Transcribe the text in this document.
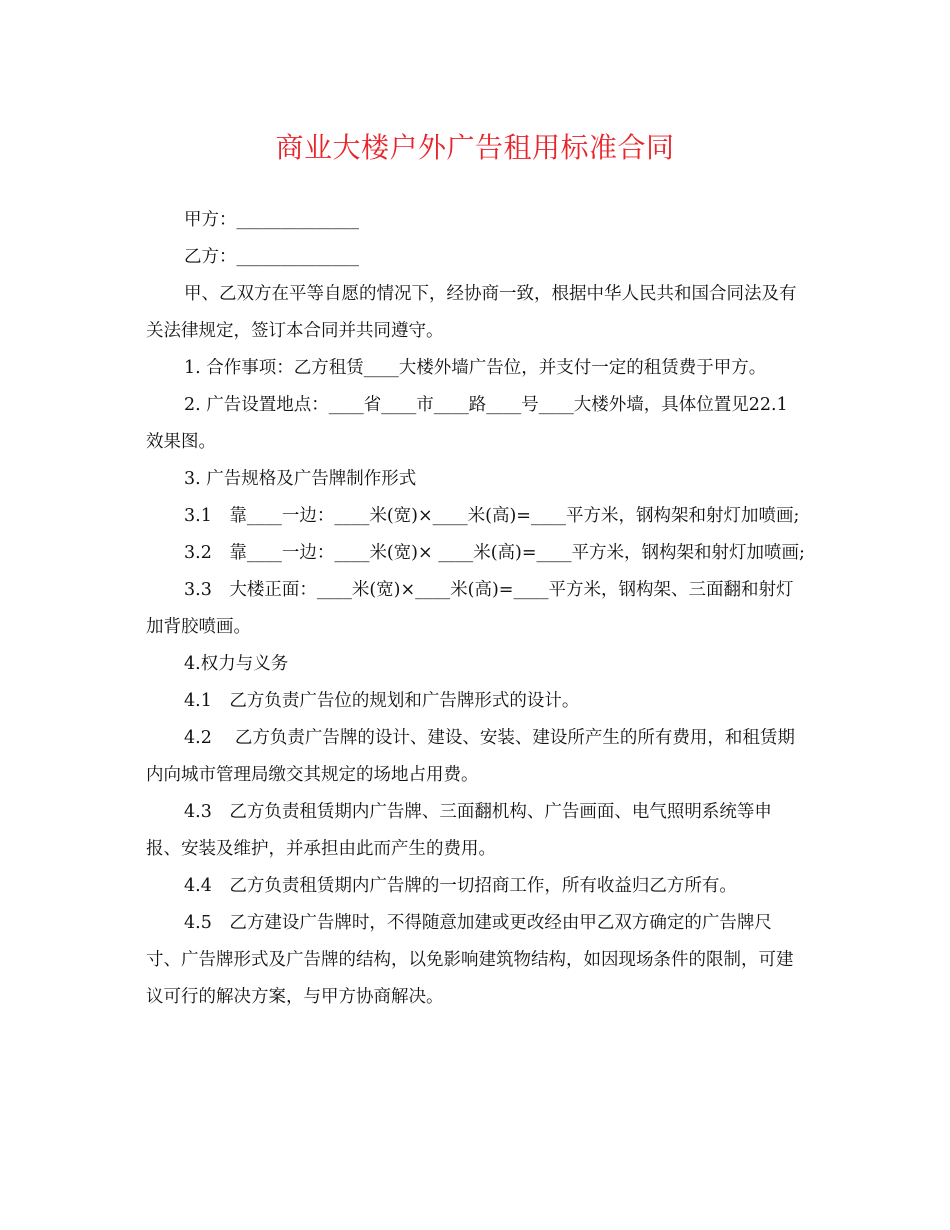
商业大楼户外广告租用标准合同

甲方：______________

乙方：______________

甲、乙双方在平等自愿的情况下，经协商一致，根据中华人民共和国合同法及有关法律规定，签订本合同并共同遵守。

1. 合作事项：乙方租赁____大楼外墙广告位，并支付一定的租赁费于甲方。

2. 广告设置地点：____省____市____路____号____大楼外墙，具体位置见22.1 效果图。

3. 广告规格及广告牌制作形式

3.1　靠____一边：____米(宽)×____米(高)=____平方米，钢构架和射灯加喷画;

3.2　靠____一边：____米(宽)× ____米(高)=____平方米，钢构架和射灯加喷画;

3.3　大楼正面：____米(宽)×____米(高)=____平方米，钢构架、三面翻和射灯加背胶喷画。

4.权力与义务

4.1　乙方负责广告位的规划和广告牌形式的设计。

4.2　 乙方负责广告牌的设计、建设、安装、建设所产生的所有费用，和租赁期内向城市管理局缴交其规定的场地占用费。

4.3　乙方负责租赁期内广告牌、三面翻机构、广告画面、电气照明系统等申报、安装及维护，并承担由此而产生的费用。

4.4　乙方负责租赁期内广告牌的一切招商工作，所有收益归乙方所有。

4.5　乙方建设广告牌时，不得随意加建或更改经由甲乙双方确定的广告牌尺寸、广告牌形式及广告牌的结构，以免影响建筑物结构，如因现场条件的限制，可建议可行的解决方案，与甲方协商解决。
